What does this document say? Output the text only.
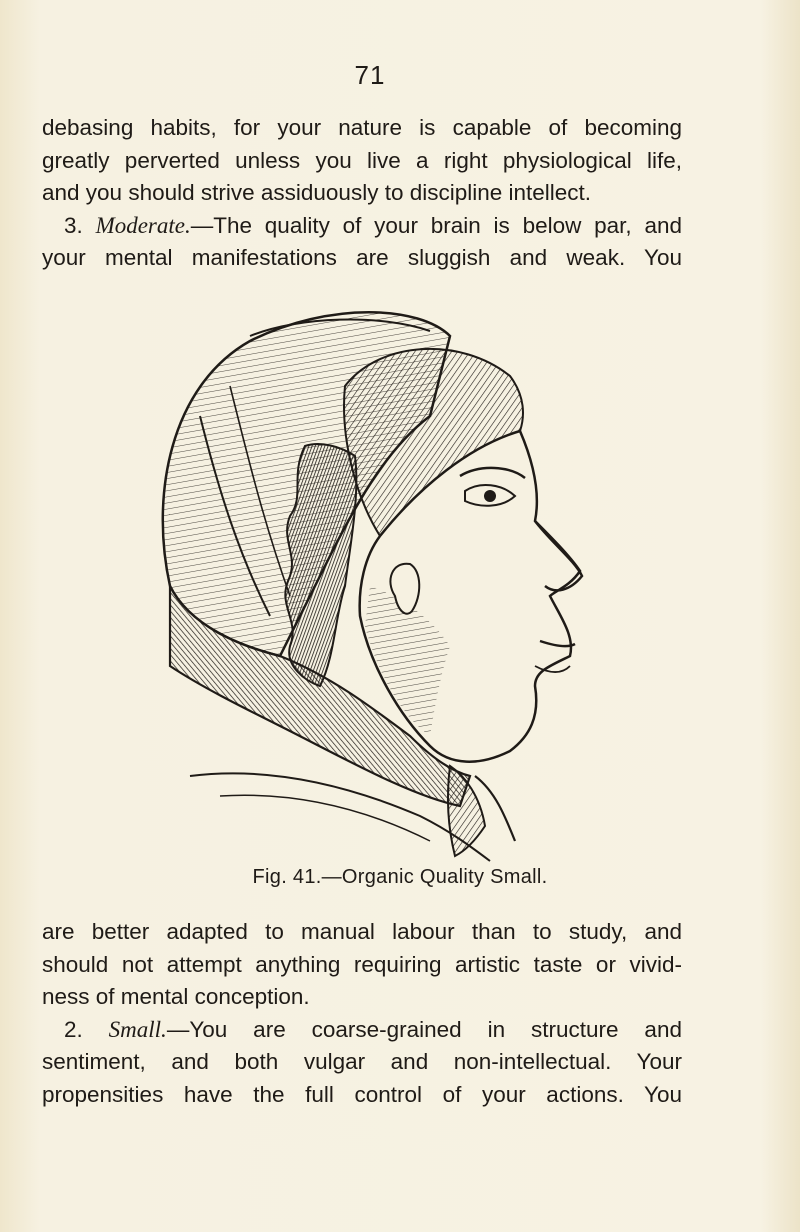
71

debasing habits, for your nature is capable of becoming

greatly perverted unless you live a right physiological life,

and you should strive assiduously to discipline intellect.

3. Moderate.—The quality of your brain is below par, and

your mental manifestations are sluggish and weak. You

Fig. 41.—Organic Quality Small.

are better adapted to manual labour than to study, and

should not attempt anything requiring artistic taste or vivid-

ness of mental conception.

2. Small.—You are coarse-grained in structure and

sentiment, and both vulgar and non-intellectual. Your

propensities have the full control of your actions. You
